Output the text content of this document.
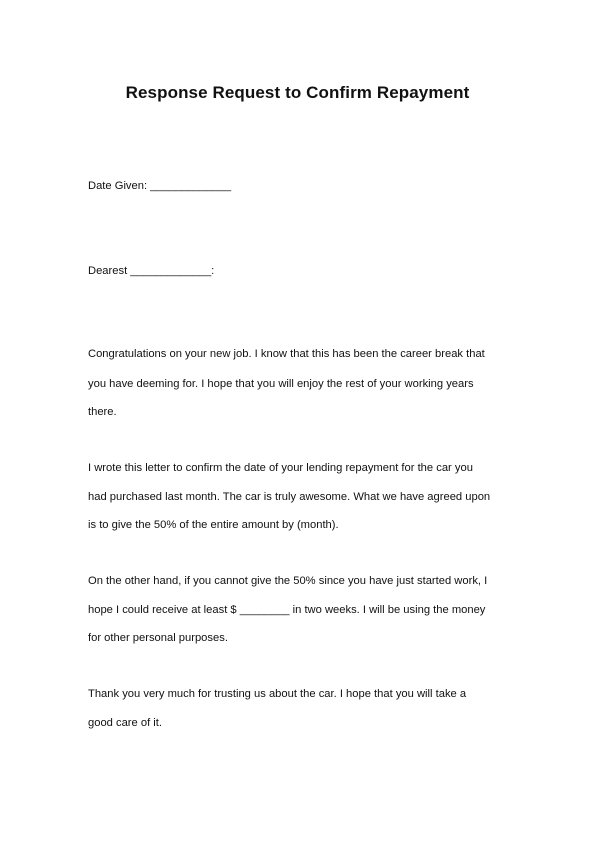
Response Request to Confirm Repayment
Date Given: _____________
Dearest _____________:
Congratulations on your new job. I know that this has been the career break that
you have deeming for. I hope that you will enjoy the rest of your working years
there.
I wrote this letter to confirm the date of your lending repayment for the car you
had purchased last month. The car is truly awesome. What we have agreed upon
is to give the 50% of the entire amount by (month).
On the other hand, if you cannot give the 50% since you have just started work, I
hope I could receive at least $ ________ in two weeks. I will be using the money
for other personal purposes.
Thank you very much for trusting us about the car. I hope that you will take a
good care of it.
